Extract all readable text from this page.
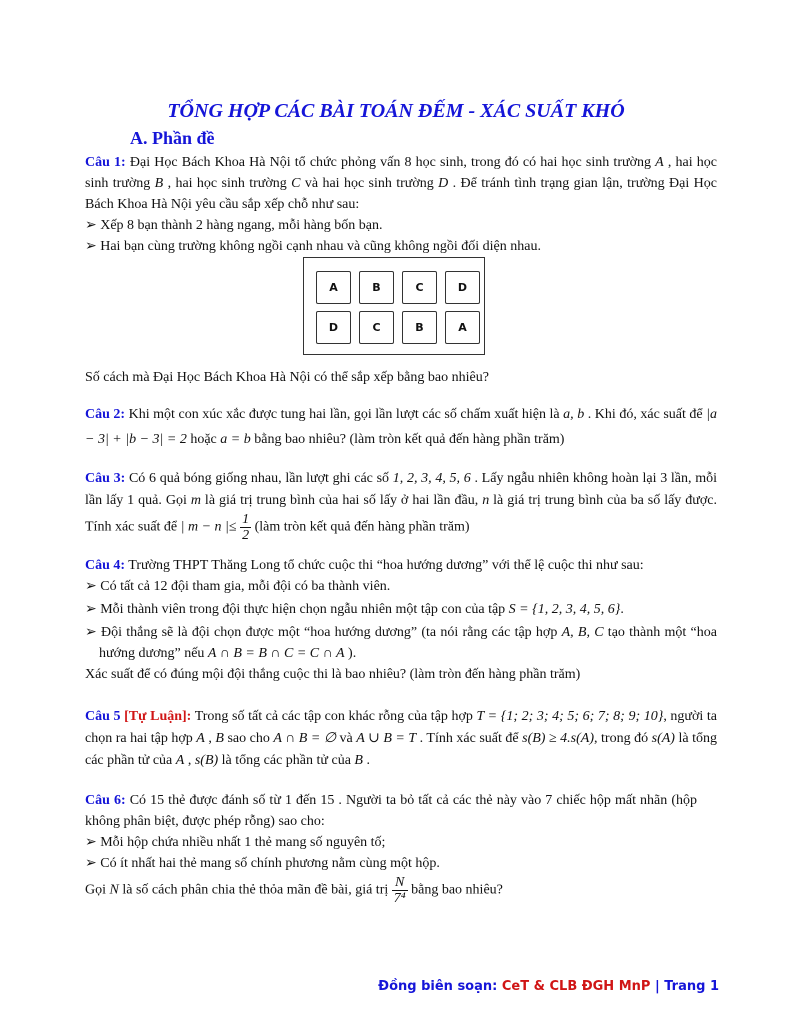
TỔNG HỢP CÁC BÀI TOÁN ĐẾM - XÁC SUẤT KHÓ
A. Phần đề
Câu 1: Đại Học Bách Khoa Hà Nội tổ chức phỏng vấn 8 học sinh, trong đó có hai học sinh trường A , hai học sinh trường B , hai học sinh trường C và hai học sinh trường D . Để tránh tình trạng gian lận, trường Đại Học Bách Khoa Hà Nội yêu cầu sắp xếp chỗ như sau:
➢ Xếp 8 bạn thành 2 hàng ngang, mỗi hàng bốn bạn.
➢ Hai bạn cùng trường không ngồi cạnh nhau và cũng không ngồi đối diện nhau.
A	B	C	D
D	C	B	A
Số cách mà Đại Học Bách Khoa Hà Nội có thể sắp xếp bằng bao nhiêu?
Câu 2: Khi một con xúc xắc được tung hai lần, gọi lần lượt các số chấm xuất hiện là a, b . Khi đó, xác suất để |a − 3| + |b − 3| = 2 hoặc a = b bằng bao nhiêu? (làm tròn kết quả đến hàng phần trăm)
Câu 3: Có 6 quả bóng giống nhau, lần lượt ghi các số 1, 2, 3, 4, 5, 6 . Lấy ngẫu nhiên không hoàn lại 3 lần, mỗi lần lấy 1 quả. Gọi m là giá trị trung bình của hai số lấy ở hai lần đầu, n là giá trị trung bình của ba số lấy được. Tính xác suất để | m − n |≤ $\frac{1}{2}$ (làm tròn kết quả đến hàng phần trăm)
Câu 4: Trường THPT Thăng Long tổ chức cuộc thi “hoa hướng dương” với thể lệ cuộc thi như sau:
➢ Có tất cả 12 đội tham gia, mỗi đội có ba thành viên.
➢ Mỗi thành viên trong đội thực hiện chọn ngẫu nhiên một tập con của tập S = {1, 2, 3, 4, 5, 6}.
➢ Đội thắng sẽ là đội chọn được một “hoa hướng dương” (ta nói rằng các tập hợp A, B, C tạo thành một “hoa hướng dương” nếu A ∩ B = B ∩ C = C ∩ A ).
Xác suất để có đúng mội đội thắng cuộc thi là bao nhiêu? (làm tròn đến hàng phần trăm)
Câu 5 [Tự Luận]: Trong số tất cả các tập con khác rỗng của tập hợp T = {1; 2; 3; 4; 5; 6; 7; 8; 9; 10}, người ta chọn ra hai tập hợp A , B sao cho A ∩ B = ∅ và A ∪ B = T . Tính xác suất để s(B) ≥ 4.s(A), trong đó s(A) là tổng các phần tử của A , s(B) là tổng các phần tử của B .
Câu 6: Có 15 thẻ được đánh số từ 1 đến 15 . Người ta bỏ tất cả các thẻ này vào 7 chiếc hộp mất nhãn (hộp không phân biệt, được phép rỗng) sao cho:
➢ Mỗi hộp chứa nhiều nhất 1 thẻ mang số nguyên tố;
➢ Có ít nhất hai thẻ mang số chính phương nằm cùng một hộp.
Gọi N là số cách phân chia thẻ thỏa mãn đề bài, giá trị $\frac{N}{\text{7⁴}}$ bằng bao nhiêu?
Đồng biên soạn: CeT & CLB ĐGH MnP | Trang 1
